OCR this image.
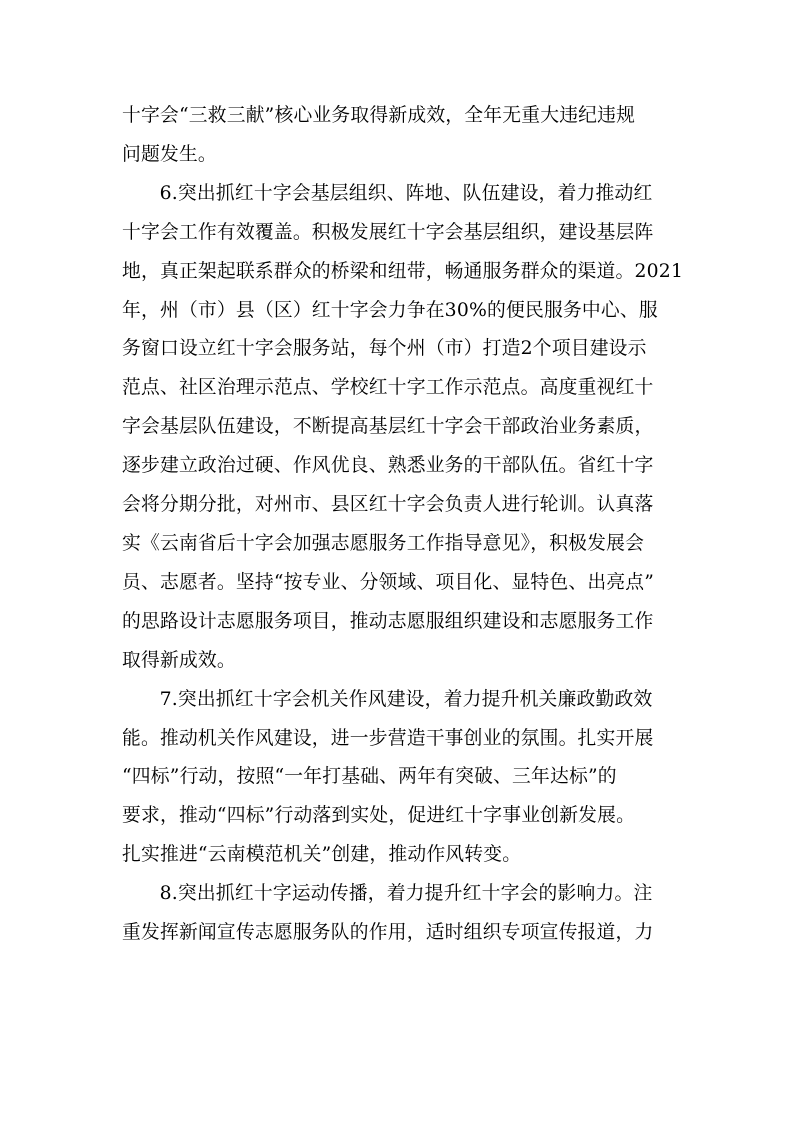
十字会“三救三献”核心业务取得新成效，全年无重大违纪违规
问题发生。

6.突出抓红十字会基层组织、阵地、队伍建设，着力推动红
十字会工作有效覆盖。积极发展红十字会基层组织，建设基层阵
地，真正架起联系群众的桥梁和纽带，畅通服务群众的渠道。2021
年，州（市）县（区）红十字会力争在30%的便民服务中心、服
务窗口设立红十字会服务站，每个州（市）打造2个项目建设示
范点、社区治理示范点、学校红十字工作示范点。高度重视红十
字会基层队伍建设，不断提高基层红十字会干部政治业务素质，
逐步建立政治过硬、作风优良、熟悉业务的干部队伍。省红十字
会将分期分批，对州市、县区红十字会负责人进行轮训。认真落
实《云南省后十字会加强志愿服务工作指导意见》，积极发展会
员、志愿者。坚持“按专业、分领域、项目化、显特色、出亮点”
的思路设计志愿服务项目，推动志愿服组织建设和志愿服务工作
取得新成效。

7.突出抓红十字会机关作风建设，着力提升机关廉政勤政效
能。推动机关作风建设，进一步营造干事创业的氛围。扎实开展
“四标”行动，按照“一年打基础、两年有突破、三年达标”的
要求，推动“四标”行动落到实处，促进红十字事业创新发展。
扎实推进“云南模范机关”创建，推动作风转变。

8.突出抓红十字运动传播，着力提升红十字会的影响力。注
重发挥新闻宣传志愿服务队的作用，适时组织专项宣传报道，力
